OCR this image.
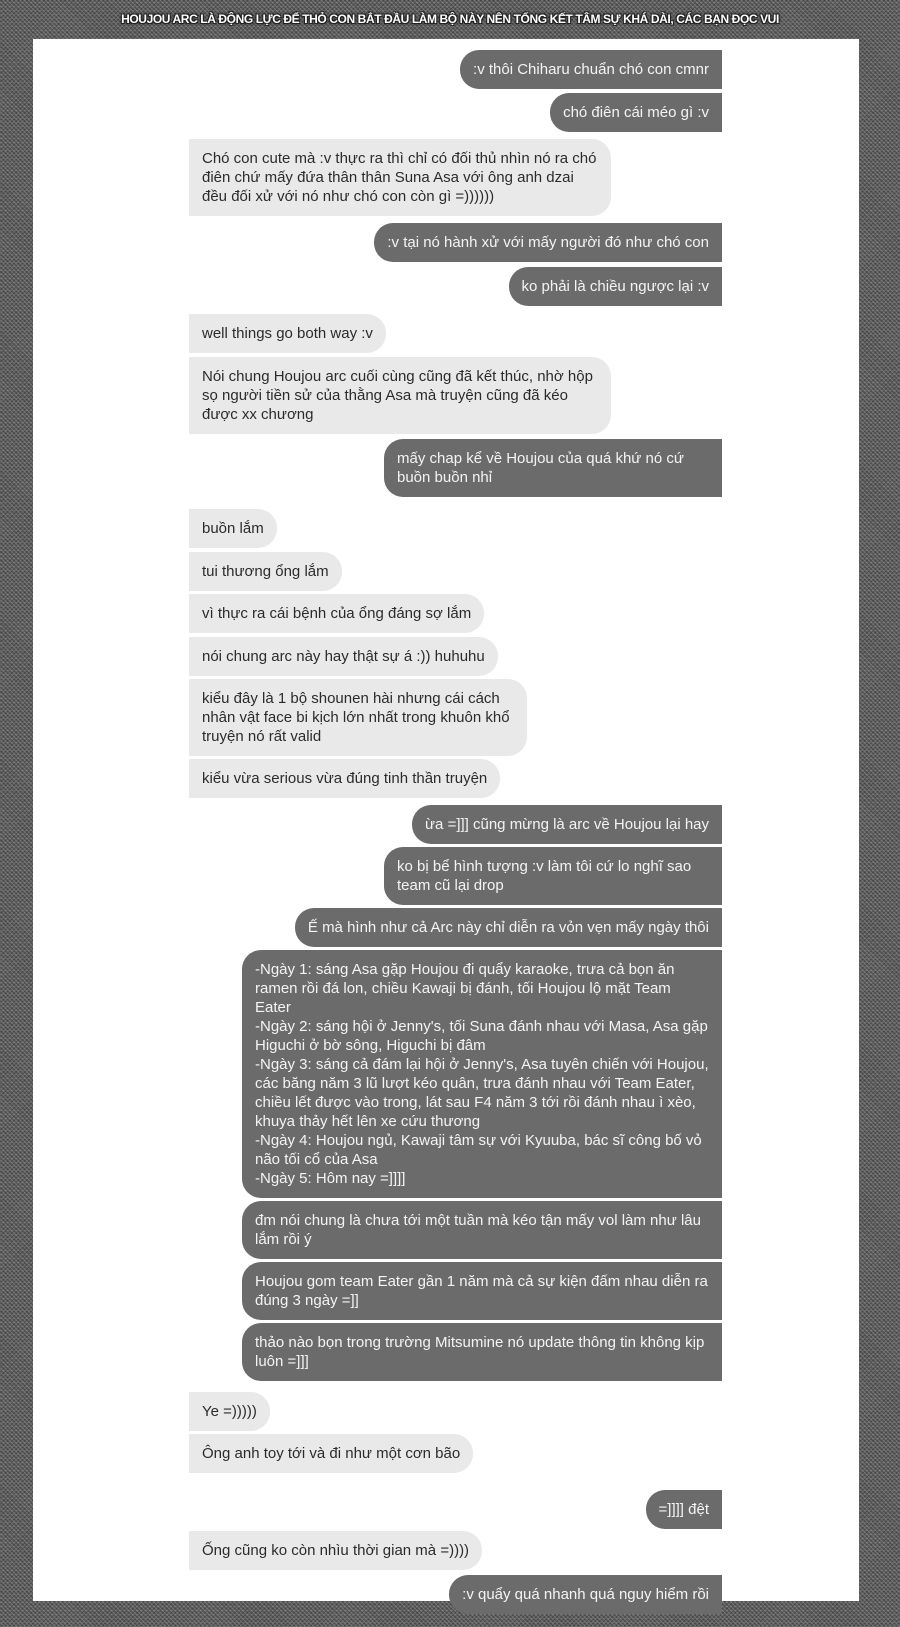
HOUJOU ARC LÀ ĐỘNG LỰC ĐỂ THỎ CON BẮT ĐẦU LÀM BỘ NÀY NÊN TỔNG KẾT TÂM SỰ KHÁ DÀI, CÁC BẠN ĐỌC VUI
:v thôi Chiharu chuẩn chó con cmnr
chó điên cái méo gì :v
Chó con cute mà :v thực ra thì chỉ có đối thủ nhìn nó ra chó điên chứ mấy đứa thân thân Suna Asa với ông anh dzai đều đối xử với nó như chó con còn gì =))))))
:v tại nó hành xử với mấy người đó như chó con
ko phải là chiều ngược lại :v
well things go both way :v
Nói chung Houjou arc cuối cùng cũng đã kết thúc, nhờ hộp sọ người tiền sử của thằng Asa mà truyện cũng đã kéo được xx chương
mấy chap kể về Houjou của quá khứ nó cứ buồn buồn nhỉ
buồn lắm
tui thương ổng lắm
vì thực ra cái bệnh của ổng đáng sợ lắm
nói chung arc này hay thật sự á :)) huhuhu
kiểu đây là 1 bộ shounen hài nhưng cái cách nhân vật face bi kịch lớn nhất trong khuôn khổ truyện nó rất valid
kiểu vừa serious vừa đúng tinh thần truyện
ừa =]]] cũng mừng là arc về Houjou lại hay
ko bị bể hình tượng :v làm tôi cứ lo nghĩ sao team cũ lại drop
Ế mà hình như cả Arc này chỉ diễn ra vỏn vẹn mấy ngày thôi
-Ngày 1: sáng Asa gặp Houjou đi quẩy karaoke, trưa cả bọn ăn ramen rồi đá lon, chiều Kawaji bị đánh, tối Houjou lộ mặt Team Eater
-Ngày 2: sáng hội ở Jenny's, tối Suna đánh nhau với Masa, Asa gặp Higuchi ở bờ sông, Higuchi bị đâm
-Ngày 3: sáng cả đám lại hội ở Jenny's, Asa tuyên chiến với Houjou, các băng năm 3 lũ lượt kéo quân, trưa đánh nhau với Team Eater, chiều lết được vào trong, lát sau F4 năm 3 tới rồi đánh nhau ì xèo, khuya thảy hết lên xe cứu thương
-Ngày 4: Houjou ngủ, Kawaji tâm sự với Kyuuba, bác sĩ công bố vỏ não tối cổ của Asa
-Ngày 5: Hôm nay =]]]]
đm nói chung là chưa tới một tuần mà kéo tận mấy vol làm như lâu lắm rồi ý
Houjou gom team Eater gần 1 năm mà cả sự kiện đấm nhau diễn ra đúng 3 ngày =]]
thảo nào bọn trong trường Mitsumine nó update thông tin không kịp luôn =]]]
Ye =)))))
Ông anh toy tới và đi như một cơn bão
=]]]] đệt
Ống cũng ko còn nhìu thời gian mà =))))
:v quẩy quá nhanh quá nguy hiểm rồi
